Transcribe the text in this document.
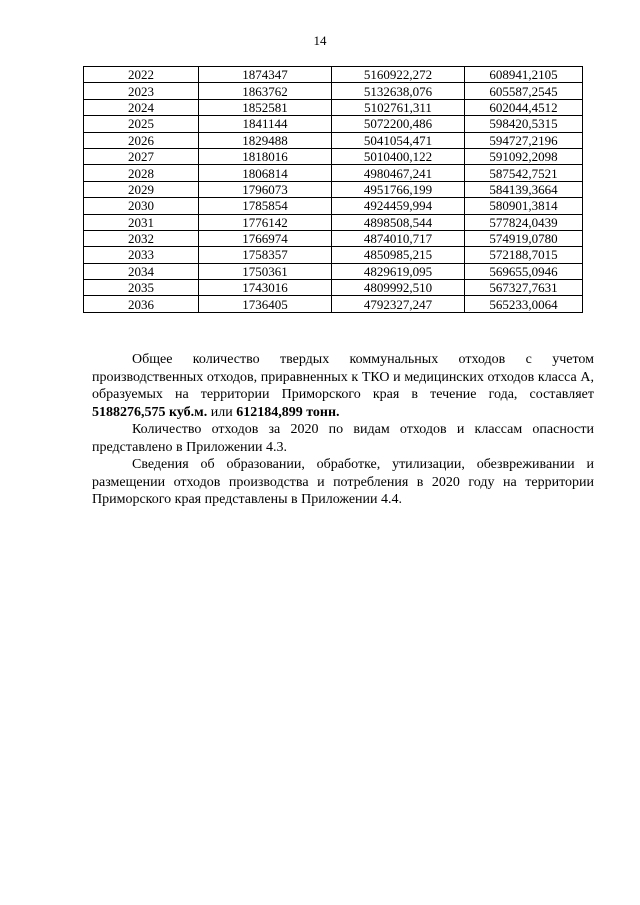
14
2022	1874347	5160922,272	608941,2105
2023	1863762	5132638,076	605587,2545
2024	1852581	5102761,311	602044,4512
2025	1841144	5072200,486	598420,5315
2026	1829488	5041054,471	594727,2196
2027	1818016	5010400,122	591092,2098
2028	1806814	4980467,241	587542,7521
2029	1796073	4951766,199	584139,3664
2030	1785854	4924459,994	580901,3814
2031	1776142	4898508,544	577824,0439
2032	1766974	4874010,717	574919,0780
2033	1758357	4850985,215	572188,7015
2034	1750361	4829619,095	569655,0946
2035	1743016	4809992,510	567327,7631
2036	1736405	4792327,247	565233,0064

Общее количество твердых коммунальных отходов с учетом производственных отходов, приравненных к ТКО и медицинских отходов класса А, образуемых на территории Приморского края в течение года, составляет 5188276,575 куб.м. или 612184,899 тонн.

Количество отходов за 2020 по видам отходов и классам опасности представлено в Приложении 4.3.

Сведения об образовании, обработке, утилизации, обезвреживании и размещении отходов производства и потребления в 2020 году на территории Приморского края представлены в Приложении 4.4.
